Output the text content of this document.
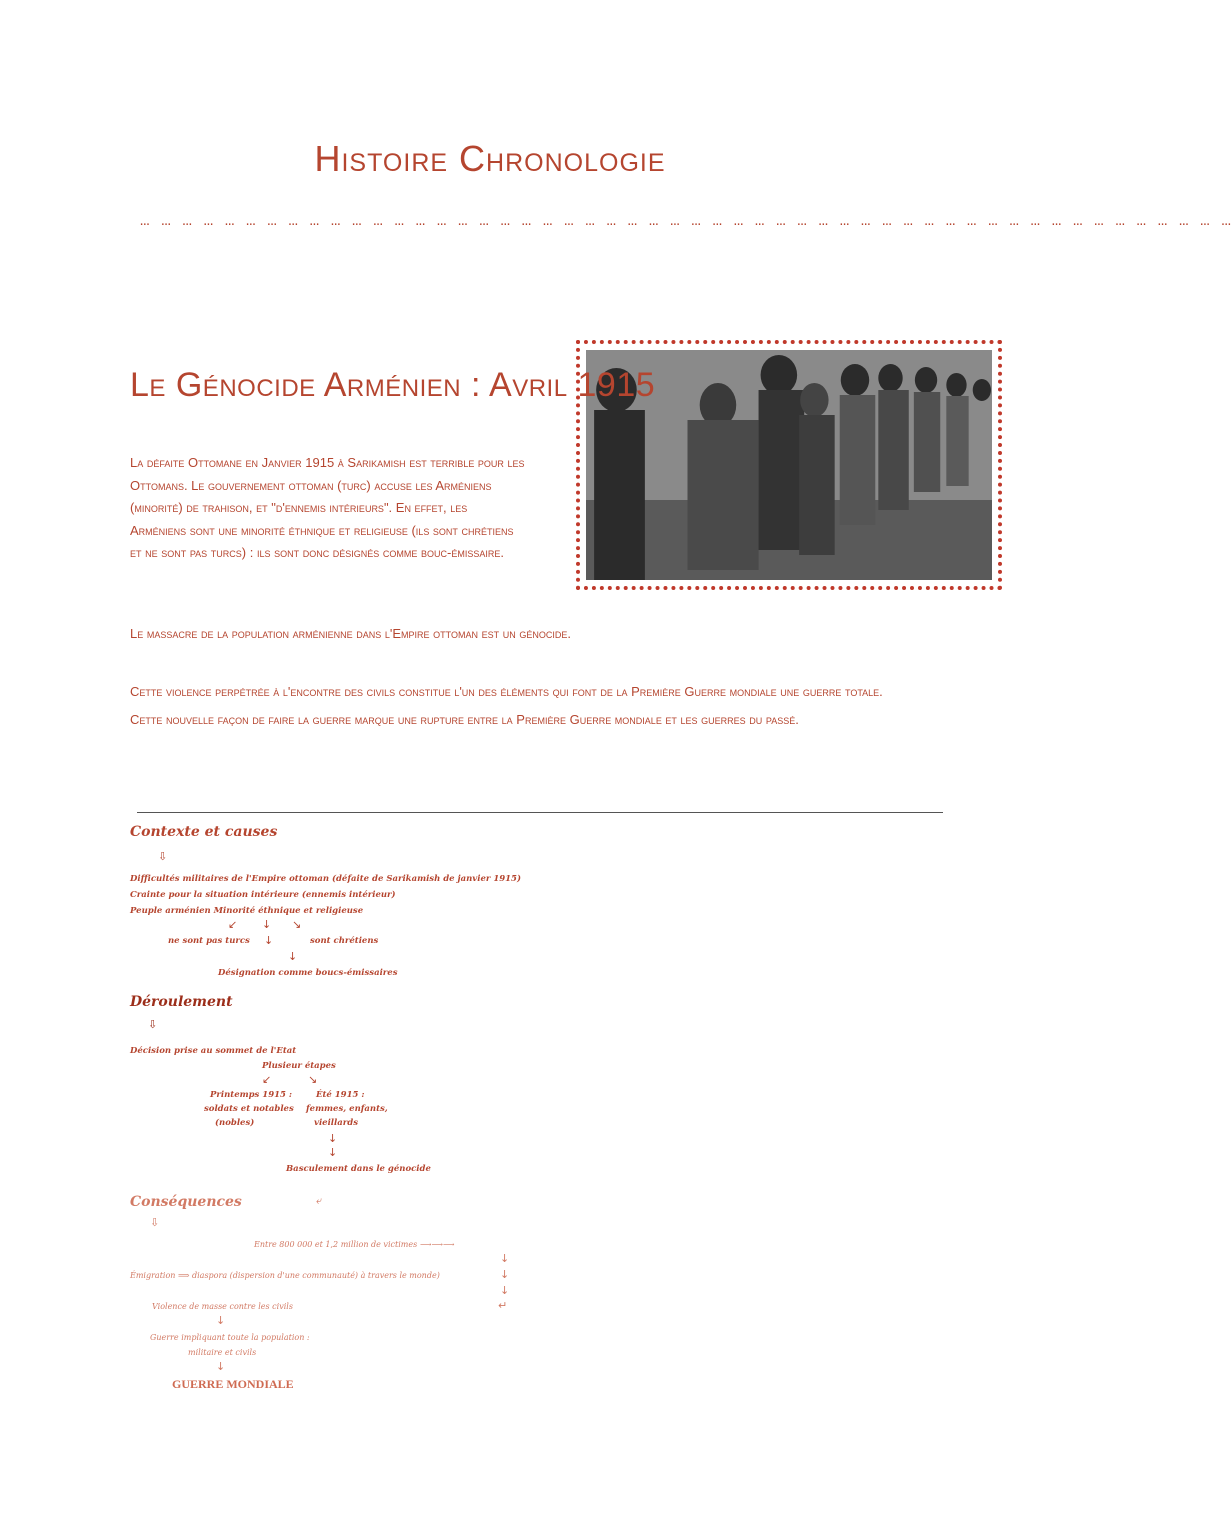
Histoire Chronologie
… … … … … … … … … … … … … … … … … … … … … … … … … … … … … … … … … … … … … … … … … … … … … … … … … … … …
Le Génocide Arménien : Avril 1915
La défaite Ottomane en Janvier 1915 à Sarikamish est terrible pour les
Ottomans. Le gouvernement ottoman (turc) accuse les Arméniens
(minorité) de trahison, et "d'ennemis intérieurs". En effet, les
Arméniens sont une minorité éthnique et religieuse (ils sont chrétiens
et ne sont pas turcs) : ils sont donc désignés comme bouc-émissaire.
Le massacre de la population arménienne dans l'Empire ottoman est un génocide.
Cette violence perpétrée à l'encontre des civils constitue l'un des éléments qui font de la Première Guerre mondiale une guerre totale.
Cette nouvelle façon de faire la guerre marque une rupture entre la Première Guerre mondiale et les guerres du passé.
Contexte et causes
⇩
Difficultés militaires de l'Empire ottoman (défaite de Sarikamish de janvier 1915)
Crainte pour la situation intérieure (ennemis intérieur)
Peuple arménien Minorité éthnique et religieuse
↙ ↓ ↘
ne sont pas turcs ↓	sont chrétiens
↓
Désignation comme boucs-émissaires
Déroulement
⇩
Décision prise au sommet de l'Etat
Plusieur étapes
↙	↘
Printemps 1915 :
soldats et notables
(nobles)
Été 1915 :
femmes, enfants,
vieillards
↓
↓
Basculement dans le génocide
Conséquences
⇩
⤶
Entre 800 000 et 1,2 million de victimes ⟶⟶⟶
↓
Émigration ⟹ diaspora (dispersion d'une communauté) à travers le monde)	↓
↓
↵
Violence de masse contre les civils
↓
Guerre impliquant toute la population :
militaire et civils
↓
GUERRE MONDIALE
